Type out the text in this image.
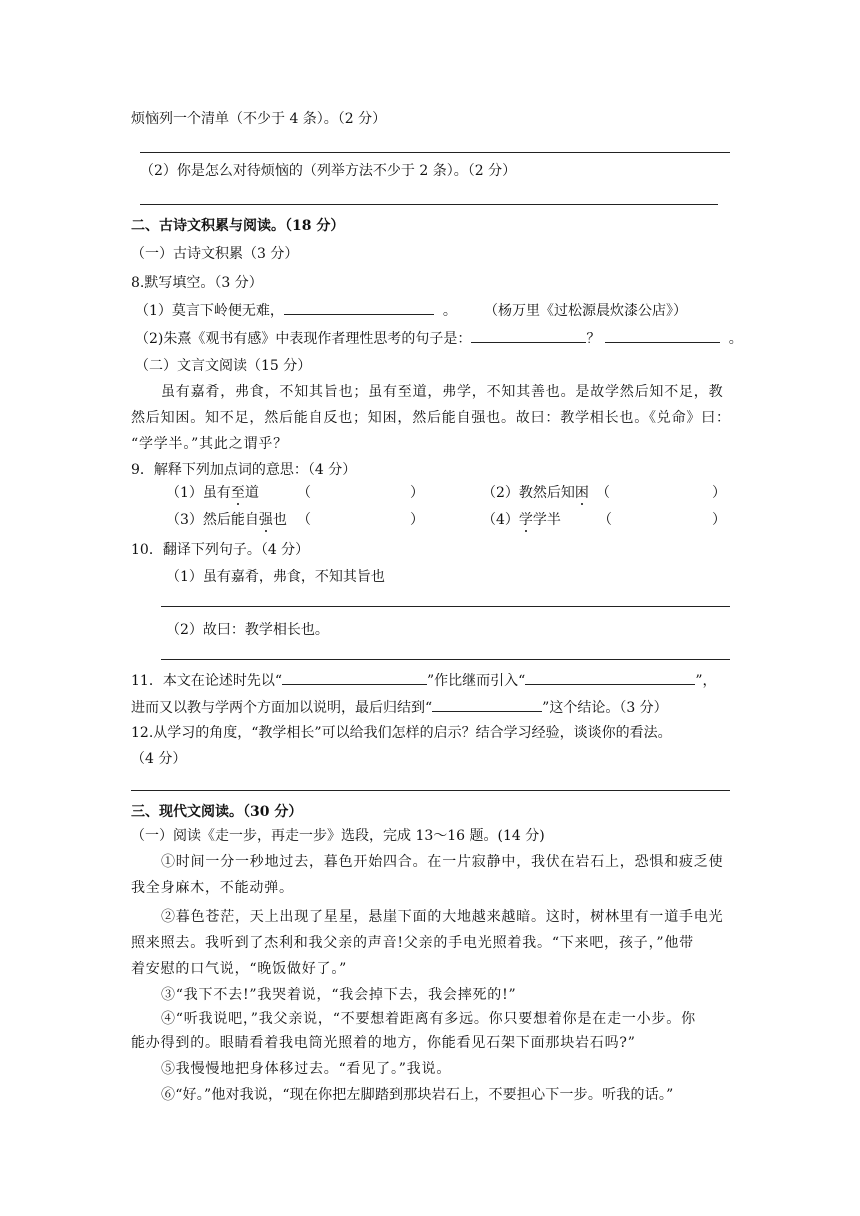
烦恼列一个清单（不少于 4 条）。（2 分）
（2）你是怎么对待烦恼的（列举方法不少于 2 条）。（2 分）
二、古诗文积累与阅读。（18 分）
（一）古诗文积累（3 分）
8.默写填空。（3 分）
（1）莫言下岭便无难，	。 （杨万里《过松源晨炊漆公店》）
（2)朱熹《观书有感》中表现作者理性思考的句子是：	？	。
（二）文言文阅读（15 分）
虽有嘉肴，弗食，不知其旨也；虽有至道，弗学，不知其善也。是故学然后知不足，教
然后知困。知不足，然后能自反也；知困，然后能自强也。故曰：教学相长也。《兑命》曰：
“学学半。”其此之谓乎？
9．解释下列加点词的意思：（4 分）
（1）虽有至道	（	）	（2）教然后知困 （	）
（3）然后能自强也 （	）	（4）学学半	（	）
10．翻译下列句子。（4 分）
（1）虽有嘉肴，弗食，不知其旨也
（2）故曰：教学相长也。
11．本文在论述时先以“	”作比继而引入“	”，
进而又以教与学两个方面加以说明，最后归结到“	”这个结论。（3 分）
12.从学习的角度，“教学相长”可以给我们怎样的启示？结合学习经验，谈谈你的看法。
（4 分）
三、现代文阅读。（30 分）
（一）阅读《走一步，再走一步》选段，完成 13～16 题。(14 分)
①时间一分一秒地过去，暮色开始四合。在一片寂静中，我伏在岩石上，恐惧和疲乏使
我全身麻木，不能动弹。
②暮色苍茫，天上出现了星星，悬崖下面的大地越来越暗。这时，树林里有一道手电光
照来照去。我听到了杰利和我父亲的声音!父亲的手电光照着我。“下来吧，孩子，”他带
着安慰的口气说，“晚饭做好了。”
③“我下不去!”我哭着说，“我会掉下去，我会摔死的!”
④“听我说吧，”我父亲说，“不要想着距离有多远。你只要想着你是在走一小步。你
能办得到的。眼睛看着我电筒光照着的地方，你能看见石架下面那块岩石吗?”
⑤我慢慢地把身体移过去。“看见了。”我说。
⑥“好。”他对我说，“现在你把左脚踏到那块岩石上，不要担心下一步。听我的话。”
